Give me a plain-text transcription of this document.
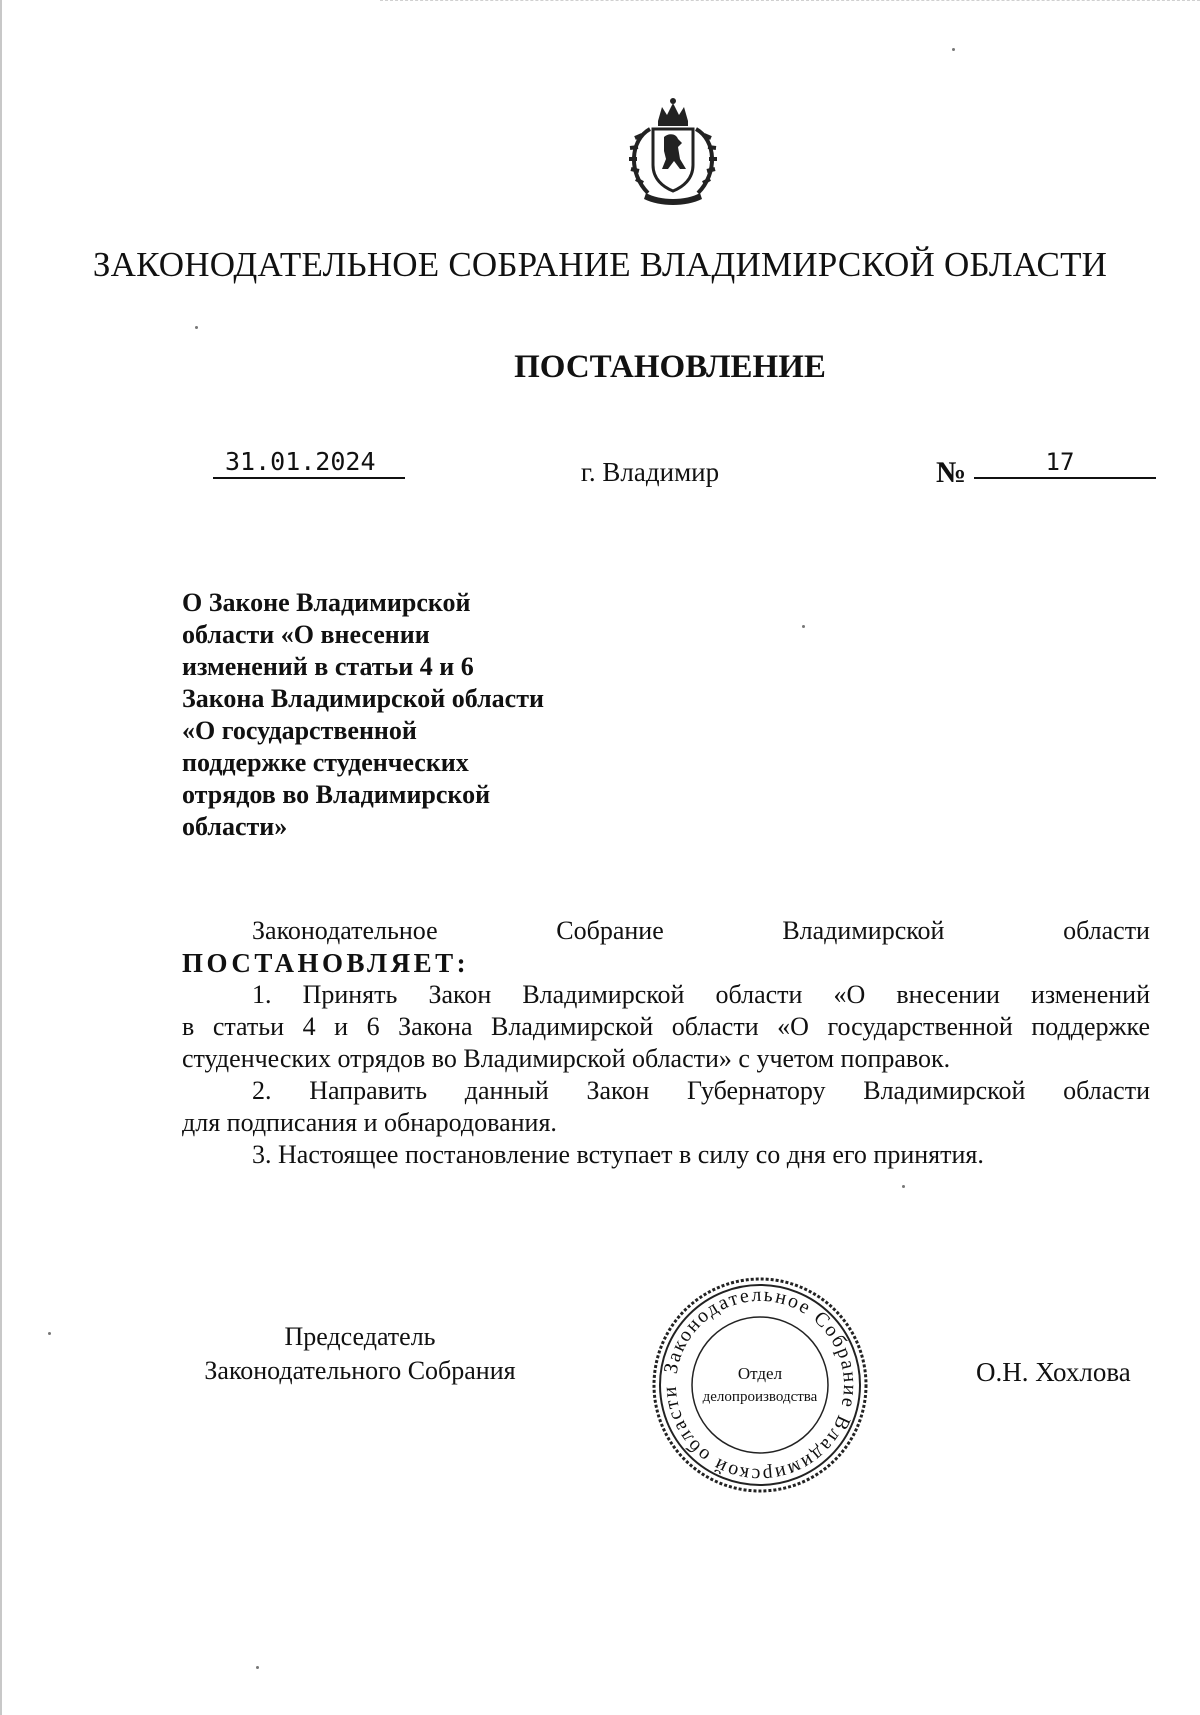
ЗАКОНОДАТЕЛЬНОЕ СОБРАНИЕ ВЛАДИМИРСКОЙ ОБЛАСТИ
ПОСТАНОВЛЕНИЕ
31.01.2024	г. Владимир	№	17
О Законе Владимирской
области «О внесении
изменений в статьи 4 и 6
Закона Владимирской области
«О государственной
поддержке студенческих
отрядов во Владимирской
области»
Законодательное	Собрание	Владимирской	области
ПОСТАНОВЛЯЕТ:
1. Принять Закон Владимирской области «О внесении изменений
в статьи 4 и 6 Закона Владимирской области «О государственной поддержке
студенческих отрядов во Владимирской области» с учетом поправок.
2. Направить данный Закон Губернатору Владимирской области
для подписания и обнародования.
3. Настоящее постановление вступает в силу со дня его принятия.
Председатель
Законодательного Собрания	Законодательное Собрание Владимирской области
Отдел
делопроизводства
О.Н. Хохлова
